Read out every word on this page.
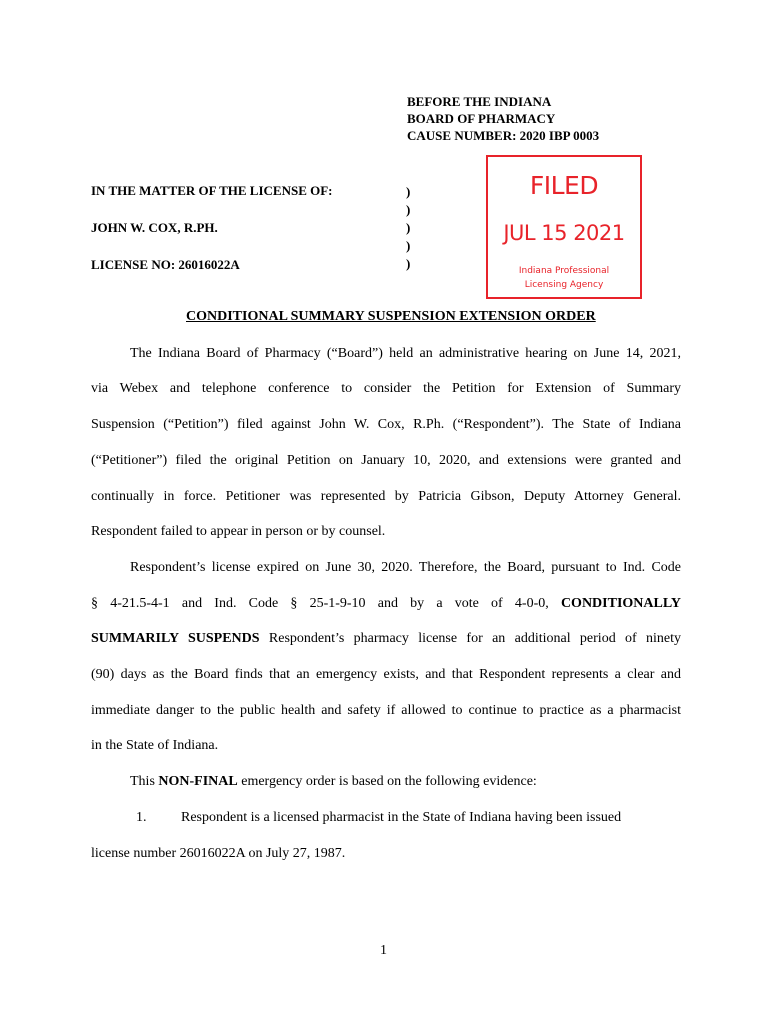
BEFORE THE INDIANA
BOARD OF PHARMACY
CAUSE NUMBER: 2020 IBP 0003
IN THE MATTER OF THE LICENSE OF:
JOHN W. COX, R.PH.
LICENSE NO: 26016022A
)
)
)
)
)
FILED
JUL 15 2021
Indiana Professional
Licensing Agency
CONDITIONAL SUMMARY SUSPENSION EXTENSION ORDER
The Indiana Board of Pharmacy (“Board”) held an administrative hearing on June 14, 2021,
via Webex and telephone conference to consider the Petition for Extension of Summary
Suspension (“Petition”) filed against John W. Cox, R.Ph. (“Respondent”). The State of Indiana
(“Petitioner”) filed the original Petition on January 10, 2020, and extensions were granted and
continually in force. Petitioner was represented by Patricia Gibson, Deputy Attorney General.
Respondent failed to appear in person or by counsel.
Respondent’s license expired on June 30, 2020. Therefore, the Board, pursuant to Ind. Code
§ 4-21.5-4-1 and Ind. Code § 25-1-9-10 and by a vote of 4-0-0, CONDITIONALLY
SUMMARILY SUSPENDS Respondent’s pharmacy license for an additional period of ninety
(90) days as the Board finds that an emergency exists, and that Respondent represents a clear and
immediate danger to the public health and safety if allowed to continue to practice as a pharmacist
in the State of Indiana.
This NON-FINAL emergency order is based on the following evidence:
1.	Respondent is a licensed pharmacist in the State of Indiana having been issued
license number 26016022A on July 27, 1987.
1
